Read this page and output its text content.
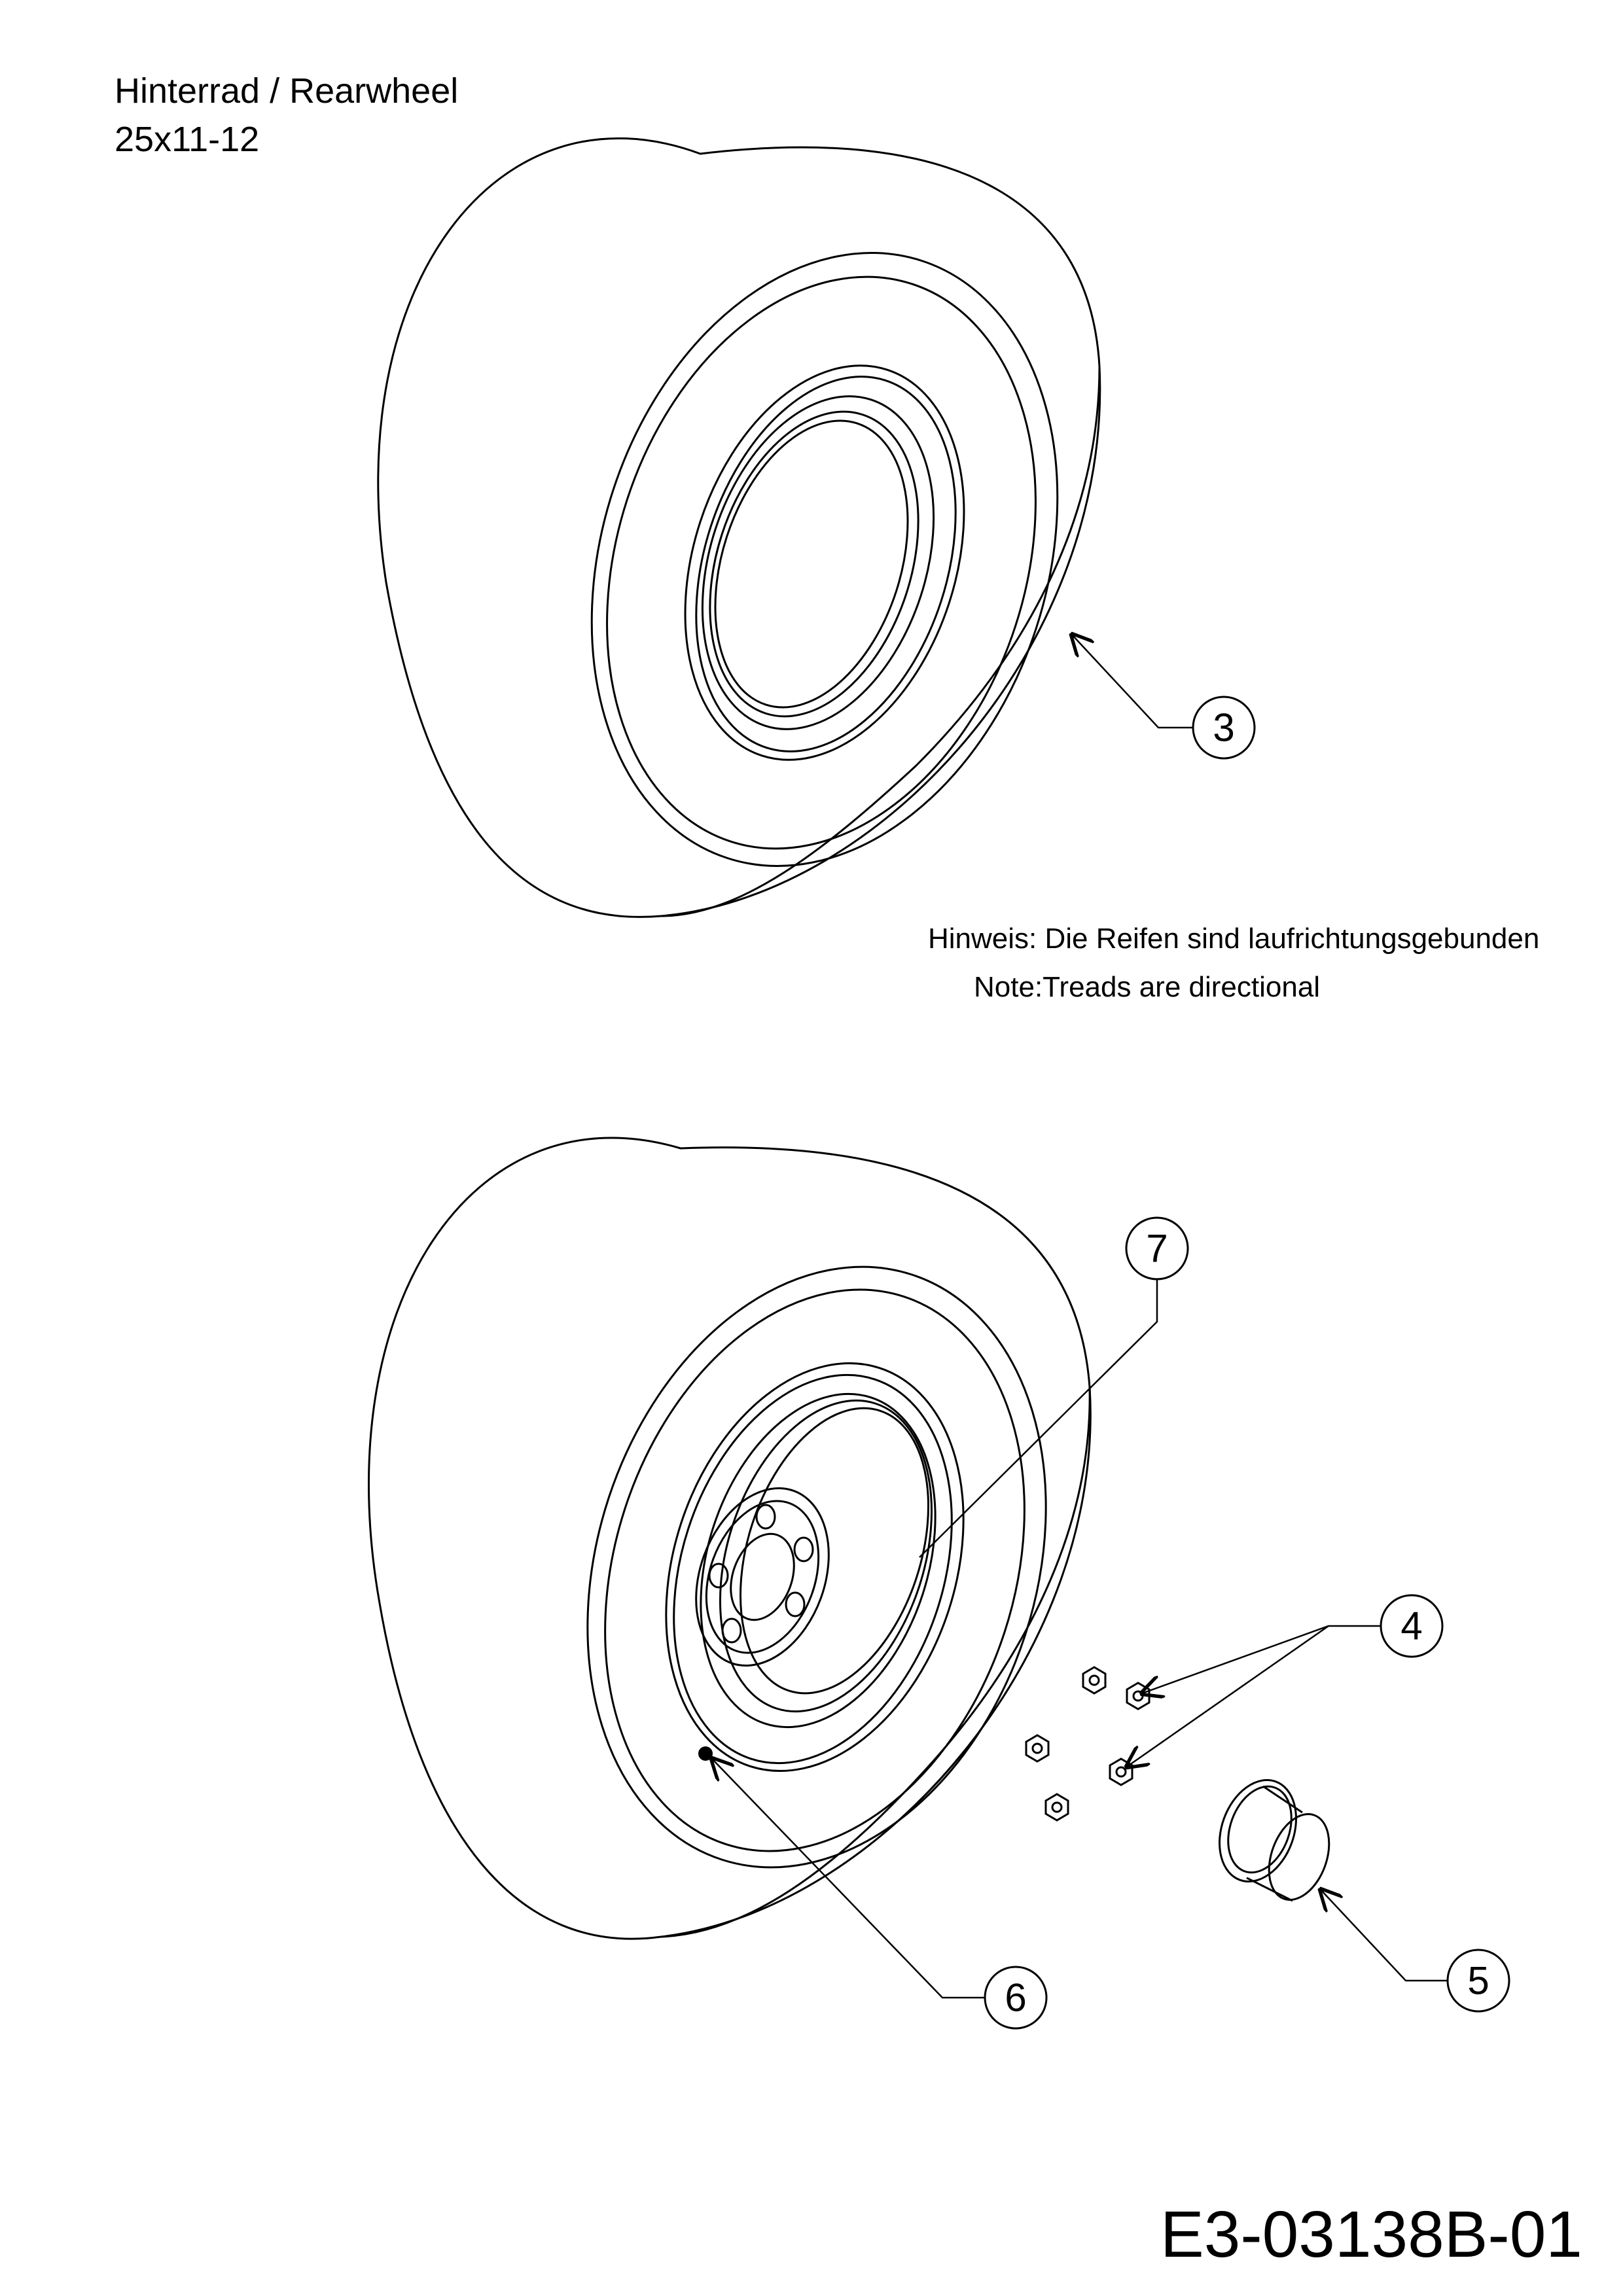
Hinterrad / Rearwheel
25x11-12
Hinweis: Die Reifen sind laufrichtungsgebunden
Note:Treads are directional
E3-03138B-01
3
7
4
5
6
